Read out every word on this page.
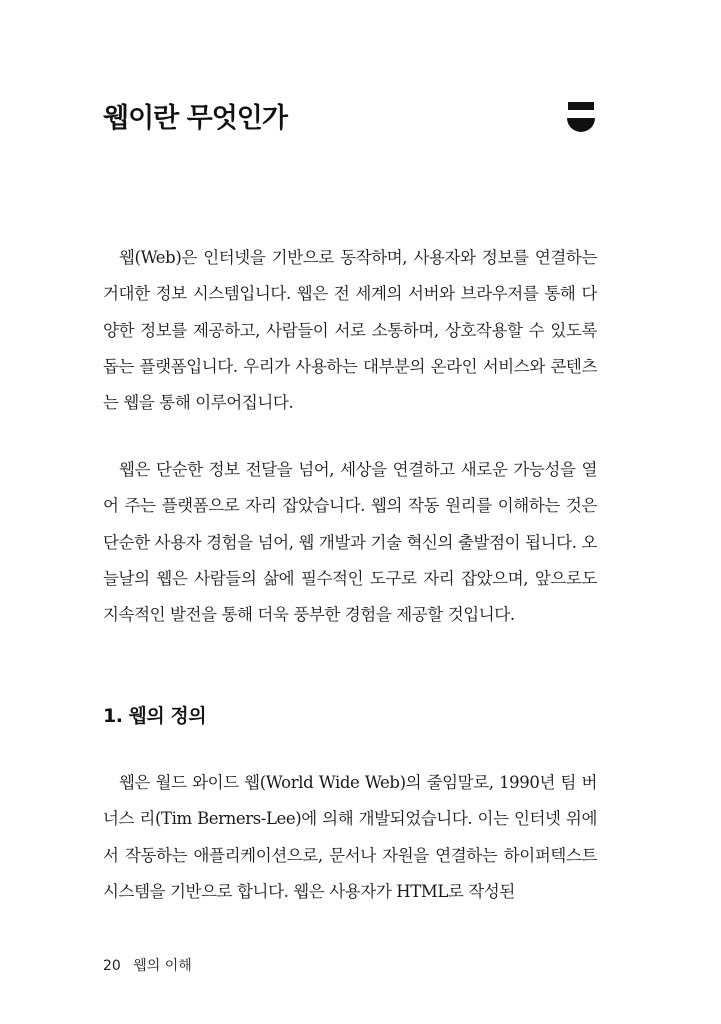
웹이란 무엇인가

웹(Web)은 인터넷을 기반으로 동작하며, 사용자와 정보를 연결하는 거대한 정보 시스템입니다. 웹은 전 세계의 서버와 브라우저를 통해 다양한 정보를 제공하고, 사람들이 서로 소통하며, 상호작용할 수 있도록 돕는 플랫폼입니다. 우리가 사용하는 대부분의 온라인 서비스와 콘텐츠는 웹을 통해 이루어집니다.

웹은 단순한 정보 전달을 넘어, 세상을 연결하고 새로운 가능성을 열어 주는 플랫폼으로 자리 잡았습니다. 웹의 작동 원리를 이해하는 것은 단순한 사용자 경험을 넘어, 웹 개발과 기술 혁신의 출발점이 됩니다. 오늘날의 웹은 사람들의 삶에 필수적인 도구로 자리 잡았으며, 앞으로도 지속적인 발전을 통해 더욱 풍부한 경험을 제공할 것입니다.

1. 웹의 정의

웹은 월드 와이드 웹(World Wide Web)의 줄임말로, 1990년 팀 버너스 리(Tim Berners-Lee)에 의해 개발되었습니다. 이는 인터넷 위에서 작동하는 애플리케이션으로, 문서나 자원을 연결하는 하이퍼텍스트 시스템을 기반으로 합니다. 웹은 사용자가 HTML로 작성된

20 웹의 이해
